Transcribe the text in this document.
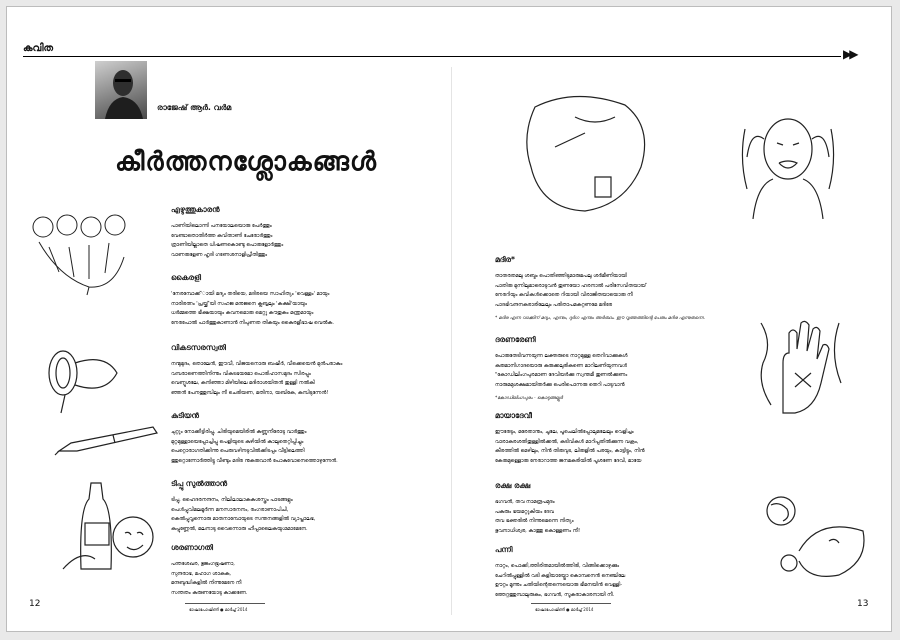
കവിത	▶▶
രാജേഷ് ആർ. വർമ
കീർത്തനശ്ലോകങ്ങൾ
എഴുത്തുകാരൻ

പാണിയിലൊന്നി പനയോലയൊരു പേർത്തും
വേണ്ടാതൊതിർത്ത കവിതാണി ചേരോർത്തും
ത്രാണിയില്ലാതെ ധിഷണകൊണ്ടു പൊരുളോർത്തും
വാണരുളേണ ഹൃദി ഗണേശനാളിപ്രീതിത്തും

കൈരളി

'നേരമ്പോക്ക്'ായി മദ്യം തരിയെ, മദിരയെ സാഹിത്യം 'വെള്ളം' മായും
നാരിരത്നം 'പ്രയ്ക്ക്'യി സഹജ മനുജനെ ക്ലബ്ബലും 'കക്ഷി'യായും
ധർമ്മത്തെ ഭീക്ഷയായും കവനമൊരു മെറ്റു കൗതുകം മന്ത്രമായും
നേരപോൽ പാർത്തുകാണാൻ നിപുണത തികയും കൈരളീഭാഷ വെൽക.

വികടസരസ്വതി

നന്മുമുദം, തൊലേൻ, ഈവീ, വിജയനൊരു ബഷീർ, വീക്കെയെൻ മുൻപരാകും
വമ്പരാണെത്തിനിന്നും വികടഭയമോ പൊരിഹാസമുദം സിരപ്പും
വെണ്പൂശലേ, കനിഞ്ഞാ മിഴിയിലെ മദിരാശയിതൻ തുള്ളി നൽകി
ഞ്ഞൻ പേനത്തുമ്പിലും നീ ചെരിയണ, മതിനാ, യബികേ, കുമ്പിടുന്നേൻ!

കുടിയൻ

ചുറ്റും നോക്കീട്ടിരിപ്പു, ചിരിയുമെയിരിൽ കണ്ണുനീരോടു വാർത്തും
മുറ്റമുള്ളായെപ്പോച്ചിപ്പു പെളിയുടെ കുഴിയിൽ കാലുതെറ്റിപ്പിച്ചും
പെറ്റൊരാഗതിക്കിന്നു പെരുവഴിനടുവിൽക്കിടപ്പം വീട്ടിലെത്തി
ത്തുറ്റൊന്നോർത്തിട്ടു വീണ്ടും മദിര നുകരുവാൻ പോകുവോനെത്തൊഴുന്നേൻ.

ടിപ്പു സുൽത്താൻ

ടിപ്പു, ഹൈദരനന്ദനം, നിലിലാലാകകശസ്ത്രം പാടങ്ങളും
പെൾപ്പുവിമലമൂർന്ന മനസാരനനം, രംഗരാണാപിചി,
കെൽപ്പുവൃന്നൊരു മാതനാമ്പോയുടെ സന്തനങ്ങളിൽ വ്യാപ്താലഭ,
കുപ്പുണ്ണേൽ, മലനാടു വൈന്നൊരു ഹീപ്പാലൈകയുഗ്മമാമേനേ.

ശരണാഗതി

പന്തശേഖര, ഭുജംഗഭൂഷണാ,
സുന്ദരാഭ, മഹാഗ ശാകക,
മന്ദബുദ്ധികളിൽ നിന്നുമേനേ നീ
സന്തതം കരുണയോടു കാക്കണേ.

മദിര*

താതരതമലു ശബ്ദം പൊതിഞ്ഞിടുമാരുമപലു ശർമീണിയായി
പാതിരു മുന്നിലുമാരൊടുവൻ തുണയോ ഹരനാൽ പരിസേവിതയായ്
നേരറിയും കവികൾക്കൊതെ റിയായി വിരാജിതയായൊരു നീ
പാദഭിവന്ദനകരാരിലേലും പരിതാപമകറ്റണമേ മദിരേ

* മദിര എന്ന വാക്കിന് മദ്യം, എന്നും, ദുർഗ എന്നും അർത്ഥം. ഈ വൃത്തത്തിന്റെ പേരും മദിര എന്നുതന്നെ.

ദരണരേണി

പോരുതേടിവന്നയുന്ന ലക്തരുടെ നാറ്റമുള്ള തെറിവാക്കുകൾ
കുരുമാനിഗാദയൊരു കുരുക്കലുരികണെ മാറിലണിയുന്നവൾ
"കോഡിലിംഗപുരമാണ ദേവിയർക്കു സ്വന്തമീ തുണൽക്കുണം
നാരുമമുശക്ഷമായിതർക്കു പെരിപൊന്നരു തെറി പാടുവാൻ

*കോഡിലിംഗപുരം - കൊടുങ്ങല്ലൂർ

മായാദേവീ

ഈരേടും, മരേതാനും, ചൂലേ, പൂചെലിൽപ്പോലുമലേലും വെളിച്ചം
വാരാകരശതിതുള്ളിൽക്കൽ, കടിവികൾ മാറിപ്പതിൽക്കുന്ന വക്രം,
കീരത്തിൽ മെഴിലും, നിൻ തിരുവുട, ലിരുളിൽ പരയും, കാട്ടിട്ടും, നിൻ
കേരുമുള്ളൊരു നേരാറാത്ത ജനമകരിയിൽ പൂശണേ ദേവി, മായേ

രക്ഷ രക്ഷ

ഭഗവൻ, തവ നാമരൂപമുദം
പകരും ഭയമറ്റുകിയം ദേവ
തവ ഭക്തരിൽ നിന്നുമെന്നെ നിത്യം
ഭുവനാധിശ്വര, കാത്തു കൊള്ളണം നീ!

പന്നി

നാറ്റം, പൊക്കി,ത്തിരിതമായിൽത്തിരി, വിങ്ങിക്കൊഴുക്കും
ചേറിൽപ്പുള്ളിൽ വടി കളിയായ്പ്പോ കൊമ്പനെൻ നെഞ്ചിലേ
ഊറ്റം മൂന്നും ചതിയിന്റെതന്നെയൊരു ഭീമനയിൻ വെള്ളി-
ത്തേറ്റത്തുമ്പാലുരുകും, ഭഗവൻ, സൂകരാകാരനായി നീ.

12
ഭാഷാപോഷിണി ● മാർച്ച് 2014	ഭാഷാപോഷിണി ● മാർച്ച് 2014
13
